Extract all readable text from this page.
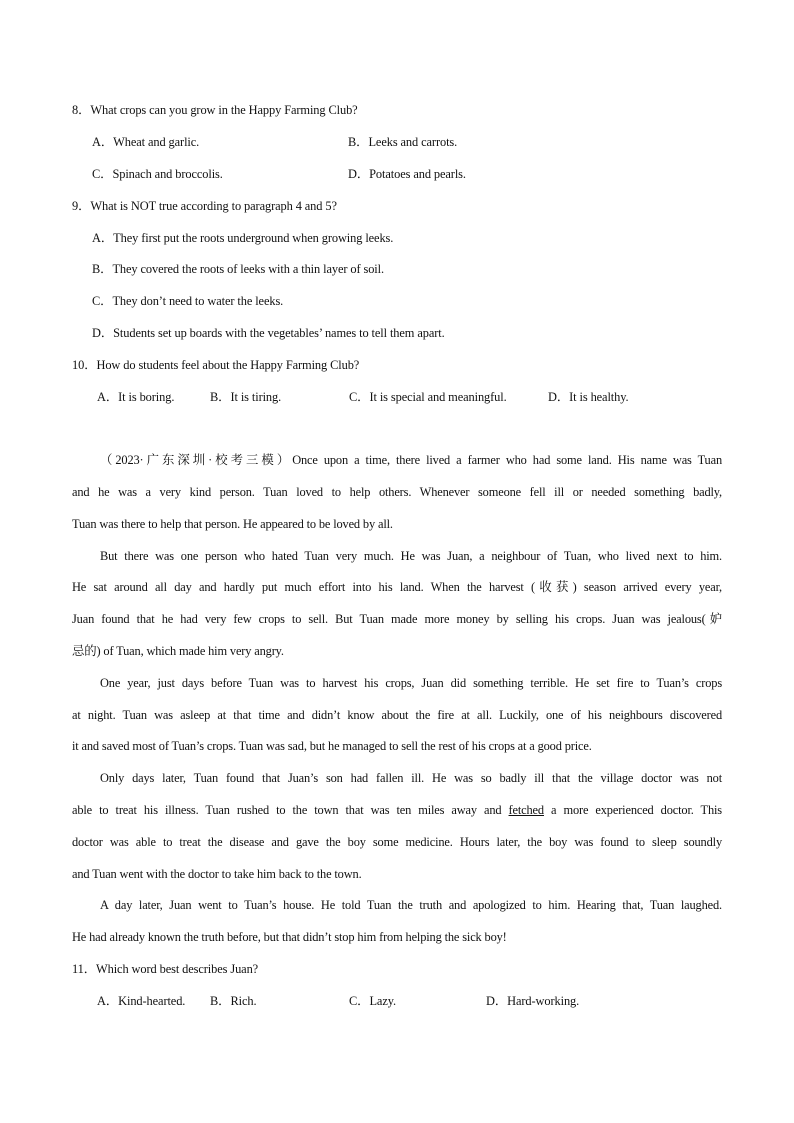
8．What crops can you grow in the Happy Farming Club?
A．Wheat and garlic.	B．Leeks and carrots.
C．Spinach and broccolis.	D．Potatoes and pearls.
9．What is NOT true according to paragraph 4 and 5?
A．They first put the roots underground when growing leeks.
B．They covered the roots of leeks with a thin layer of soil.
C．They don’t need to water the leeks.
D．Students set up boards with the vegetables’ names to tell them apart.
10．How do students feel about the Happy Farming Club?
A．It is boring.	B．It is tiring.	C．It is special and meaningful.	D．It is healthy.
（2023·广东深圳·校考三模）Once upon a time, there lived a farmer who had some land. His name was Tuan
and he was a very kind person. Tuan loved to help others. Whenever someone fell ill or needed something badly,
Tuan was there to help that person. He appeared to be loved by all.
But there was one person who hated Tuan very much. He was Juan, a neighbour of Tuan, who lived next to him.
He sat around all day and hardly put much effort into his land. When the harvest (收获) season arrived every year,
Juan found that he had very few crops to sell. But Tuan made more money by selling his crops. Juan was jealous(妒
忌的) of Tuan, which made him very angry.
One year, just days before Tuan was to harvest his crops, Juan did something terrible. He set fire to Tuan’s crops
at night. Tuan was asleep at that time and didn’t know about the fire at all. Luckily, one of his neighbours discovered
it and saved most of Tuan’s crops. Tuan was sad, but he managed to sell the rest of his crops at a good price.
Only days later, Tuan found that Juan’s son had fallen ill. He was so badly ill that the village doctor was not
able to treat his illness. Tuan rushed to the town that was ten miles away and fetched a more experienced doctor. This
doctor was able to treat the disease and gave the boy some medicine. Hours later, the boy was found to sleep soundly
and Tuan went with the doctor to take him back to the town.
A day later, Juan went to Tuan’s house. He told Tuan the truth and apologized to him. Hearing that, Tuan laughed.
He had already known the truth before, but that didn’t stop him from helping the sick boy!
11．Which word best describes Juan?
A．Kind-hearted. B．Rich.	C．Lazy.	D．Hard-working.
